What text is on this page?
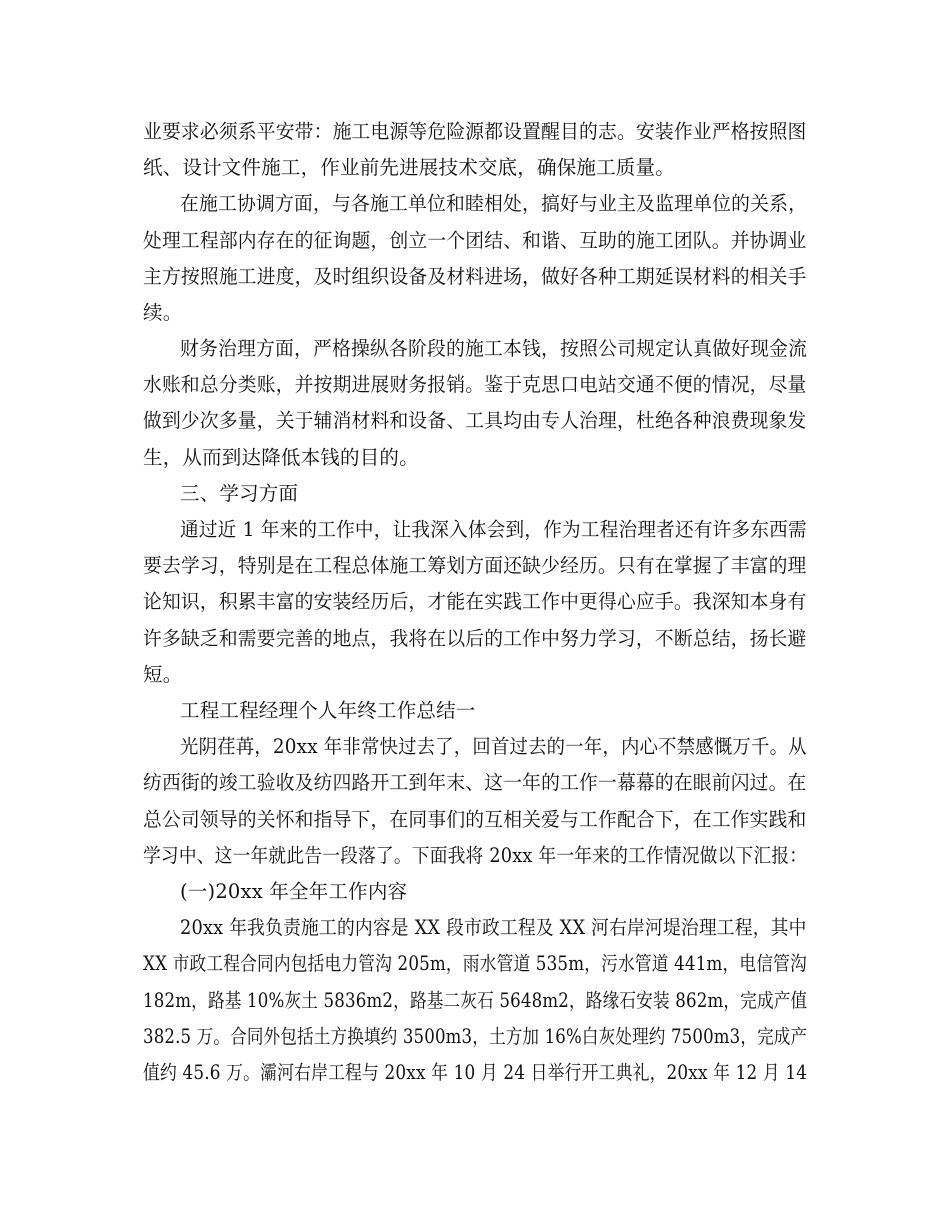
业要求必须系平安带：施工电源等危险源都设置醒目的志。安装作业严格按照图
纸、设计文件施工，作业前先进展技术交底，确保施工质量。
在施工协调方面，与各施工单位和睦相处，搞好与业主及监理单位的关系，
处理工程部内存在的征询题，创立一个团结、和谐、互助的施工团队。并协调业
主方按照施工进度，及时组织设备及材料进场，做好各种工期延误材料的相关手
续。
财务治理方面，严格操纵各阶段的施工本钱，按照公司规定认真做好现金流
水账和总分类账，并按期进展财务报销。鉴于克思口电站交通不便的情况，尽量
做到少次多量，关于辅消材料和设备、工具均由专人治理，杜绝各种浪费现象发
生，从而到达降低本钱的目的。
三、学习方面
通过近 1 年来的工作中，让我深入体会到，作为工程治理者还有许多东西需
要去学习，特别是在工程总体施工筹划方面还缺少经历。只有在掌握了丰富的理
论知识，积累丰富的安装经历后，才能在实践工作中更得心应手。我深知本身有
许多缺乏和需要完善的地点，我将在以后的工作中努力学习，不断总结，扬长避
短。
工程工程经理个人年终工作总结一
光阴荏苒，20xx 年非常快过去了，回首过去的一年，内心不禁感慨万千。从
纺西街的竣工验收及纺四路开工到年末、这一年的工作一幕幕的在眼前闪过。在
总公司领导的关怀和指导下，在同事们的互相关爱与工作配合下，在工作实践和
学习中、这一年就此告一段落了。下面我将 20xx 年一年来的工作情况做以下汇报：
(一)20xx 年全年工作内容
20xx 年我负责施工的内容是 XX 段市政工程及 XX 河右岸河堤治理工程，其中
XX 市政工程合同内包括电力管沟 205m，雨水管道 535m，污水管道 441m，电信管沟
182m，路基 10%灰土 5836m2，路基二灰石 5648m2，路缘石安装 862m，完成产值
382.5 万。合同外包括土方换填约 3500m3，土方加 16%白灰处理约 7500m3，完成产
值约 45.6 万。灞河右岸工程与 20xx 年 10 月 24 日举行开工典礼，20xx 年 12 月 14
